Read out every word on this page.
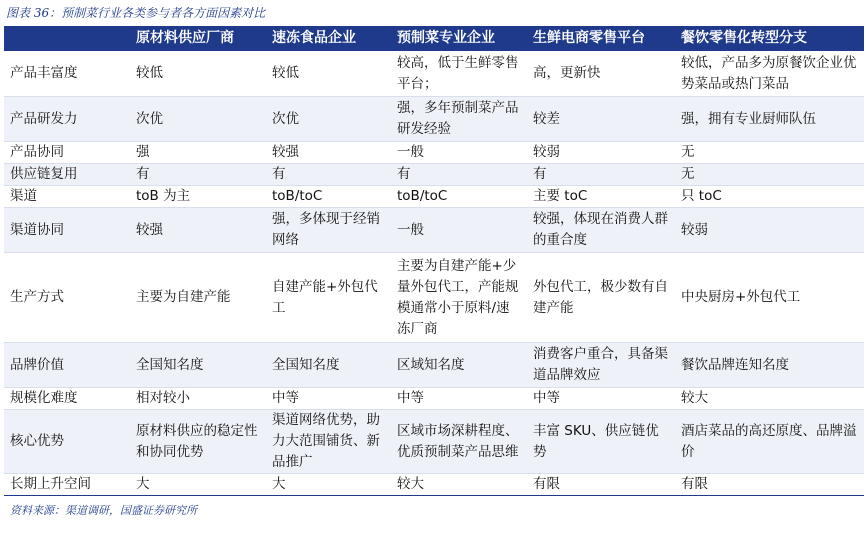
图表 36：预制菜行业各类参与者各方面因素对比
	原材料供应厂商	速冻食品企业	预制菜专业企业	生鲜电商零售平台	餐饮零售化转型分支
产品丰富度	较低	较低	较高，低于生鲜零售平台；	高，更新快	较低，产品多为原餐饮企业优势菜品或热门菜品
产品研发力	次优	次优	强，多年预制菜产品研发经验	较差	强，拥有专业厨师队伍
产品协同	强	较强	一般	较弱	无
供应链复用	有	有	有	有	无
渠道	toB 为主	toB/toC	toB/toC	主要 toC	只 toC
渠道协同	较强	强，多体现于经销网络	一般	较强，体现在消费人群的重合度	较弱
生产方式	主要为自建产能	自建产能+外包代工	主要为自建产能+少量外包代工，产能规模通常小于原料/速冻厂商	外包代工，极少数有自建产能	中央厨房+外包代工
品牌价值	全国知名度	全国知名度	区域知名度	消费客户重合，具备渠道品牌效应	餐饮品牌连知名度
规模化难度	相对较小	中等	中等	中等	较大
核心优势	原材料供应的稳定性和协同优势	渠道网络优势，助力大范围铺货、新品推广	区域市场深耕程度、优质预制菜产品思维	丰富 SKU、供应链优势	酒店菜品的高还原度、品牌溢价
长期上升空间	大	大	较大	有限	有限
资料来源：渠道调研，国盛证券研究所
